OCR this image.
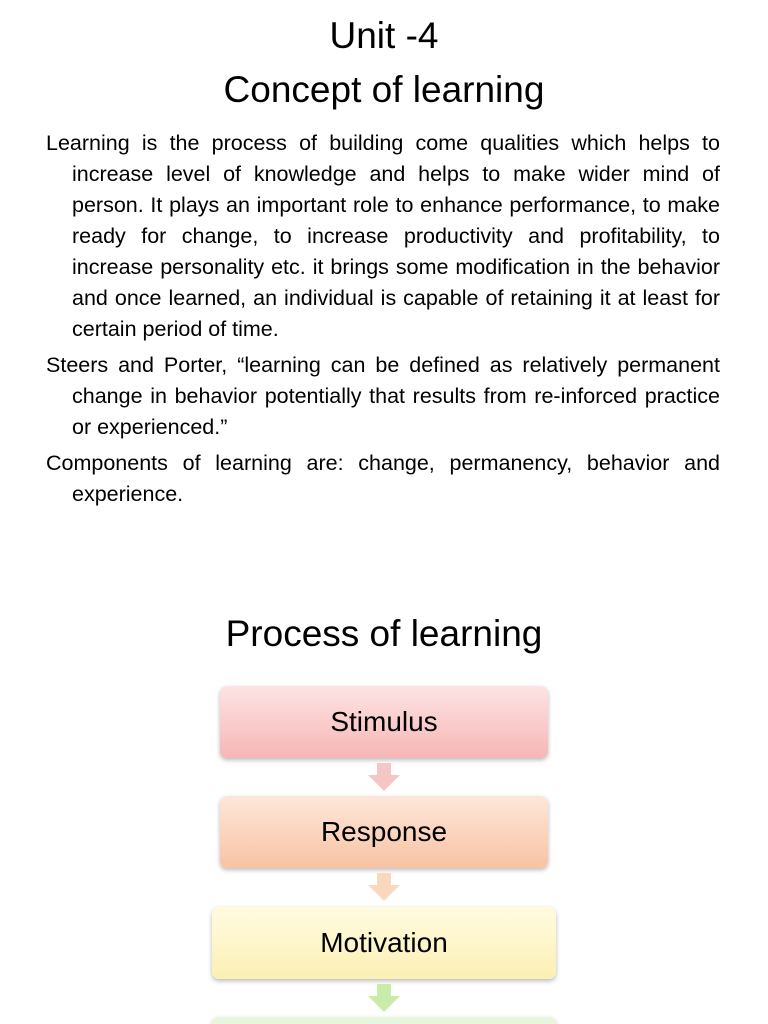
Unit -4
Concept of learning

Learning is the process of building come qualities which helps to increase level of knowledge and helps to make wider mind of person. It plays an important role to enhance performance, to make ready for change, to increase productivity and profitability, to increase personality etc. it brings some modification in the behavior and once learned, an individual is capable of retaining it at least for certain period of time.

Steers and Porter, “learning can be defined as relatively permanent change in behavior potentially that results from re-inforced practice or experienced.”

Components of learning are: change, permanency, behavior and experience.

Process of learning
Stimulus
Response
Motivation
